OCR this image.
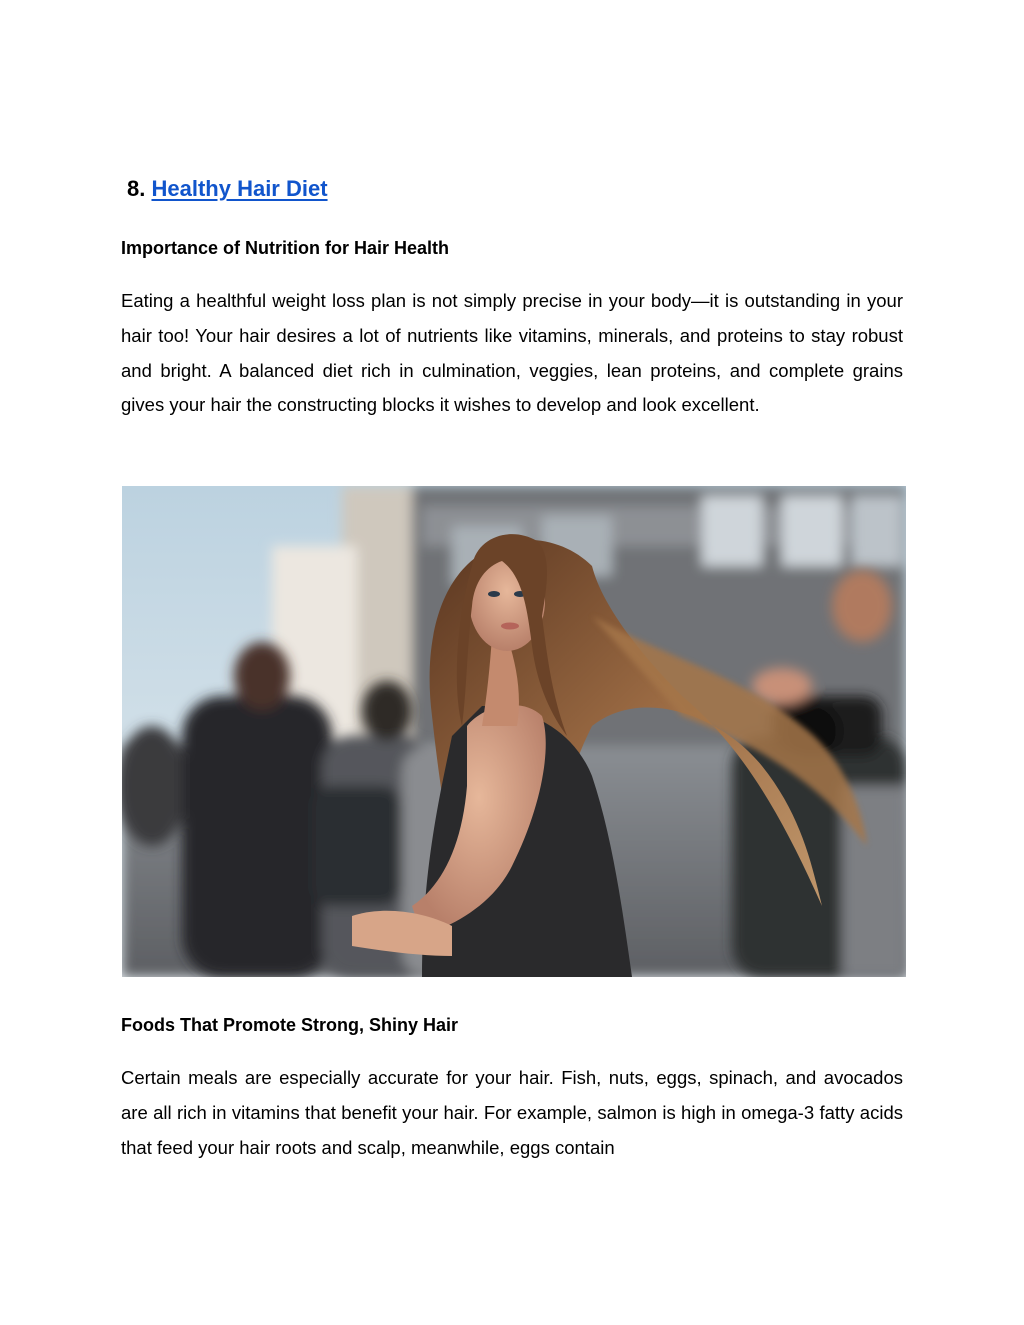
8. Healthy Hair Diet
Importance of Nutrition for Hair Health

Eating a healthful weight loss plan is not simply precise in your body—it is outstanding in your hair too! Your hair desires a lot of nutrients like vitamins, minerals, and proteins to stay robust and bright. A balanced diet rich in culmination, veggies, lean proteins, and complete grains gives your hair the constructing blocks it wishes to develop and look excellent.

Foods That Promote Strong, Shiny Hair

Certain meals are especially accurate for your hair. Fish, nuts, eggs, spinach, and avocados are all rich in vitamins that benefit your hair. For example, salmon is high in omega-3 fatty acids that feed your hair roots and scalp, meanwhile, eggs contain
